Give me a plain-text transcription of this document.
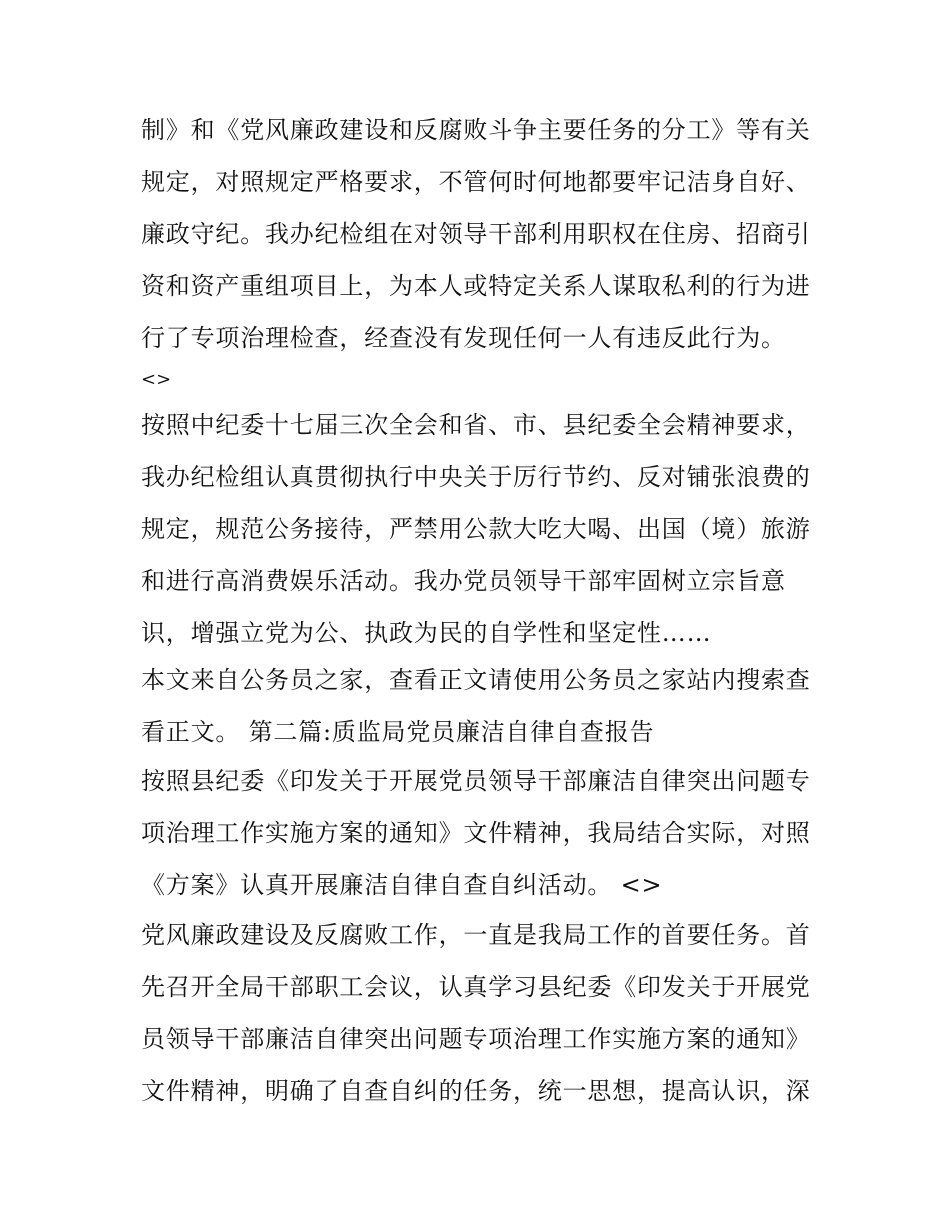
制》和《党风廉政建设和反腐败斗争主要任务的分工》等有关
规定，对照规定严格要求，不管何时何地都要牢记洁身自好、
廉政守纪。我办纪检组在对领导干部利用职权在住房、招商引
资和资产重组项目上，为本人或特定关系人谋取私利的行为进
行了专项治理检查，经查没有发现任何一人有违反此行为。
<>
按照中纪委十七届三次全会和省、市、县纪委全会精神要求，
我办纪检组认真贯彻执行中央关于厉行节约、反对铺张浪费的
规定，规范公务接待，严禁用公款大吃大喝、出国（境）旅游
和进行高消费娱乐活动。我办党员领导干部牢固树立宗旨意
识，增强立党为公、执政为民的自学性和坚定性……
本文来自公务员之家，查看正文请使用公务员之家站内搜索查
看正文。 第二篇:质监局党员廉洁自律自查报告
按照县纪委《印发关于开展党员领导干部廉洁自律突出问题专
项治理工作实施方案的通知》文件精神，我局结合实际，对照
《方案》认真开展廉洁自律自查自纠活动。 <>
党风廉政建设及反腐败工作，一直是我局工作的首要任务。首
先召开全局干部职工会议，认真学习县纪委《印发关于开展党
员领导干部廉洁自律突出问题专项治理工作实施方案的通知》
文件精神，明确了自查自纠的任务，统一思想，提高认识，深
